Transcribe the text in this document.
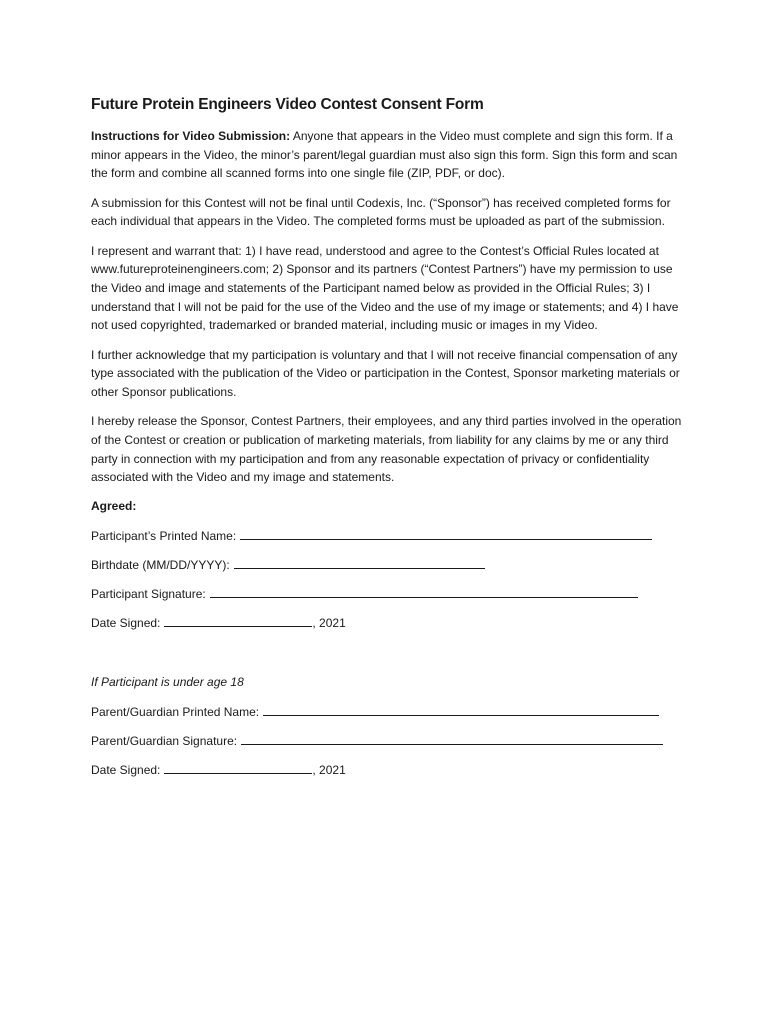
Future Protein Engineers Video Contest Consent Form

Instructions for Video Submission: Anyone that appears in the Video must complete and sign this form. If a minor appears in the Video, the minor’s parent/legal guardian must also sign this form. Sign this form and scan the form and combine all scanned forms into one single file (ZIP, PDF, or doc).

A submission for this Contest will not be final until Codexis, Inc. (“Sponsor”) has received completed forms for each individual that appears in the Video. The completed forms must be uploaded as part of the submission.

I represent and warrant that: 1) I have read, understood and agree to the Contest’s Official Rules located at www.futureproteinengineers.com; 2) Sponsor and its partners (“Contest Partners”) have my permission to use the Video and image and statements of the Participant named below as provided in the Official Rules; 3) I understand that I will not be paid for the use of the Video and the use of my image or statements; and 4) I have not used copyrighted, trademarked or branded material, including music or images in my Video.

I further acknowledge that my participation is voluntary and that I will not receive financial compensation of any type associated with the publication of the Video or participation in the Contest, Sponsor marketing materials or other Sponsor publications.

I hereby release the Sponsor, Contest Partners, their employees, and any third parties involved in the operation of the Contest or creation or publication of marketing materials, from liability for any claims by me or any third party in connection with my participation and from any reasonable expectation of privacy or confidentiality associated with the Video and my image and statements.

Agreed:
Participant’s Printed Name:
Birthdate (MM/DD/YYYY):
Participant Signature:
Date Signed:	, 2021
If Participant is under age 18
Parent/Guardian Printed Name:
Parent/Guardian Signature:
Date Signed:	, 2021
